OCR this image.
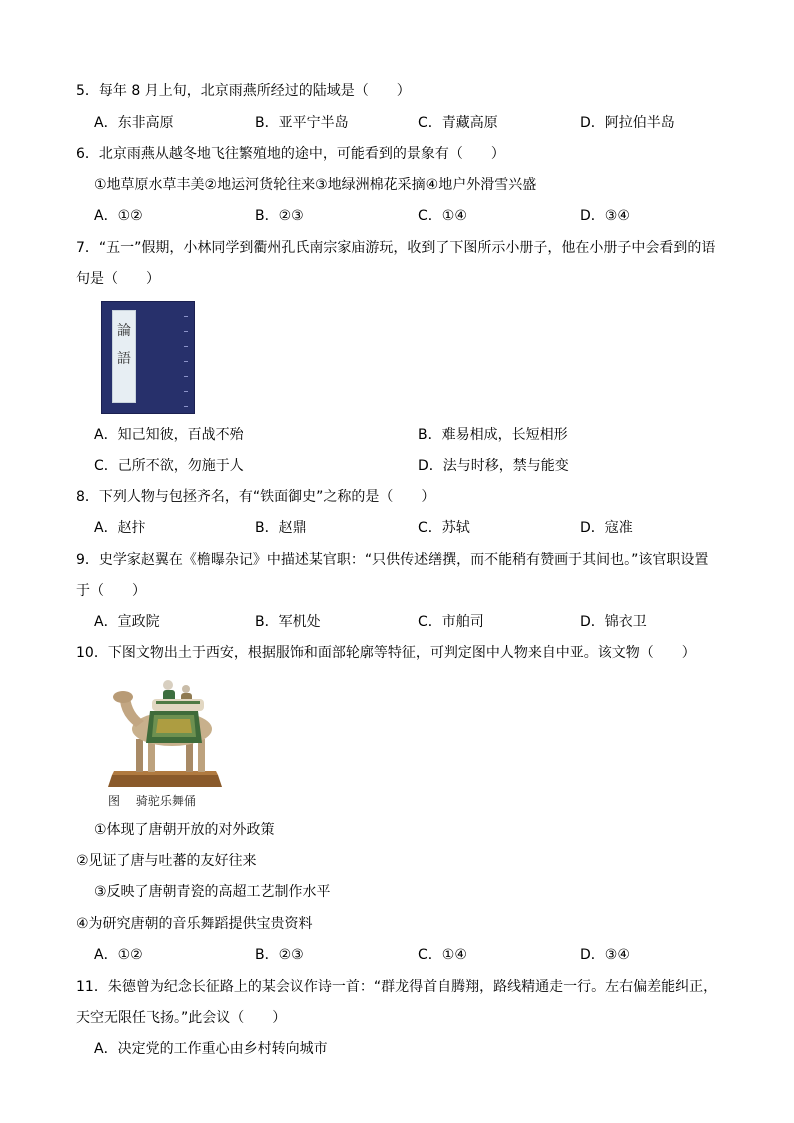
5．每年 8 月上旬，北京雨燕所经过的陆域是（　　）
A．东非高原	B．亚平宁半岛	C．青藏高原	D．阿拉伯半岛
6．北京雨燕从越冬地飞往繁殖地的途中，可能看到的景象有（　　）
①地草原水草丰美②地运河货轮往来③地绿洲棉花采摘④地户外滑雪兴盛
A．①②	B．②③	C．①④	D．③④
7．“五一”假期，小林同学到衢州孔氏南宗家庙游玩，收到了下图所示小册子，他在小册子中会看到的语
句是（　　）
論
語
A．知己知彼，百战不殆	B．难易相成，长短相形
C．己所不欲，勿施于人	D．法与时移，禁与能变
8．下列人物与包拯齐名，有“铁面御史”之称的是（　　）
A．赵抃	B．赵鼎	C．苏轼	D．寇准
9．史学家赵翼在《檐曝杂记》中描述某官职：“只供传述缮撰，而不能稍有赞画于其间也。”该官职设置
于（　　）
A．宣政院	B．军机处	C．市舶司	D．锦衣卫
10．下图文物出土于西安，根据服饰和面部轮廓等特征，可判定图中人物来自中亚。该文物（　　）
图　 骑驼乐舞俑
①体现了唐朝开放的对外政策
②见证了唐与吐蕃的友好往来
③反映了唐朝青瓷的高超工艺制作水平
④为研究唐朝的音乐舞蹈提供宝贵资料
A．①②	B．②③	C．①④	D．③④
11．朱德曾为纪念长征路上的某会议作诗一首：“群龙得首自腾翔，路线精通走一行。左右偏差能纠正，
天空无限任飞扬。”此会议（　　）
A．决定党的工作重心由乡村转向城市
